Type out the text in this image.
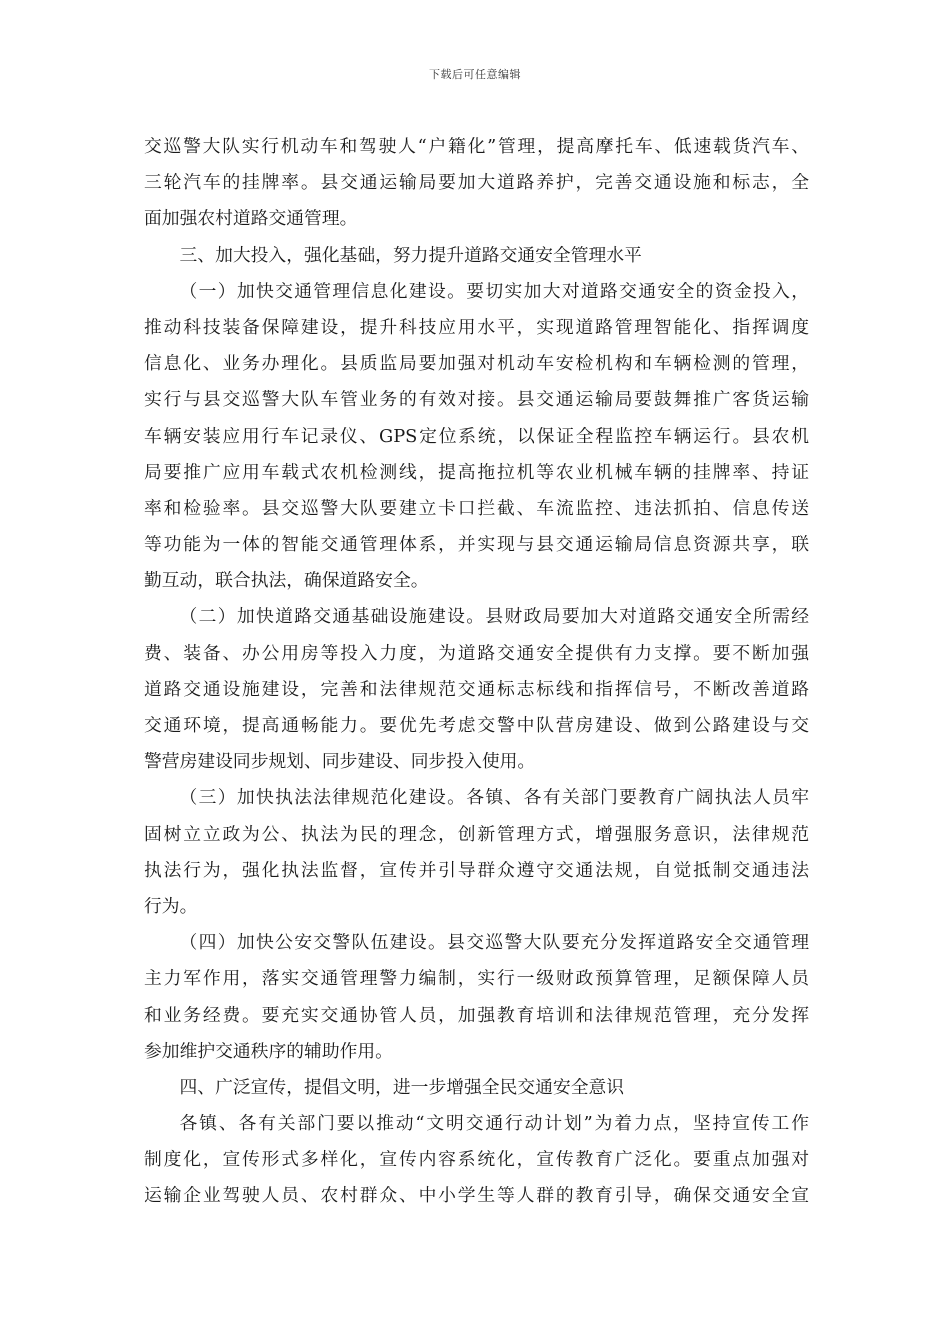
下载后可任意编辑
交巡警大队实行机动车和驾驶人“户籍化”管理，提高摩托车、低速载货汽车、
三轮汽车的挂牌率。县交通运输局要加大道路养护，完善交通设施和标志，全
面加强农村道路交通管理。
三、加大投入，强化基础，努力提升道路交通安全管理水平
（一）加快交通管理信息化建设。要切实加大对道路交通安全的资金投入，
推动科技装备保障建设，提升科技应用水平，实现道路管理智能化、指挥调度
信息化、业务办理化。县质监局要加强对机动车安检机构和车辆检测的管理，
实行与县交巡警大队车管业务的有效对接。县交通运输局要鼓舞推广客货运输
车辆安装应用行车记录仪、GPS定位系统，以保证全程监控车辆运行。县农机
局要推广应用车载式农机检测线，提高拖拉机等农业机械车辆的挂牌率、持证
率和检验率。县交巡警大队要建立卡口拦截、车流监控、违法抓拍、信息传送
等功能为一体的智能交通管理体系，并实现与县交通运输局信息资源共享，联
勤互动，联合执法，确保道路安全。
（二）加快道路交通基础设施建设。县财政局要加大对道路交通安全所需经
费、装备、办公用房等投入力度，为道路交通安全提供有力支撑。要不断加强
道路交通设施建设，完善和法律规范交通标志标线和指挥信号，不断改善道路
交通环境，提高通畅能力。要优先考虑交警中队营房建设、做到公路建设与交
警营房建设同步规划、同步建设、同步投入使用。
（三）加快执法法律规范化建设。各镇、各有关部门要教育广阔执法人员牢
固树立立政为公、执法为民的理念，创新管理方式，增强服务意识，法律规范
执法行为，强化执法监督，宣传并引导群众遵守交通法规，自觉抵制交通违法
行为。
（四）加快公安交警队伍建设。县交巡警大队要充分发挥道路安全交通管理
主力军作用，落实交通管理警力编制，实行一级财政预算管理，足额保障人员
和业务经费。要充实交通协管人员，加强教育培训和法律规范管理，充分发挥
参加维护交通秩序的辅助作用。
四、广泛宣传，提倡文明，进一步增强全民交通安全意识
各镇、各有关部门要以推动“文明交通行动计划”为着力点，坚持宣传工作
制度化，宣传形式多样化，宣传内容系统化，宣传教育广泛化。要重点加强对
运输企业驾驶人员、农村群众、中小学生等人群的教育引导，确保交通安全宣
